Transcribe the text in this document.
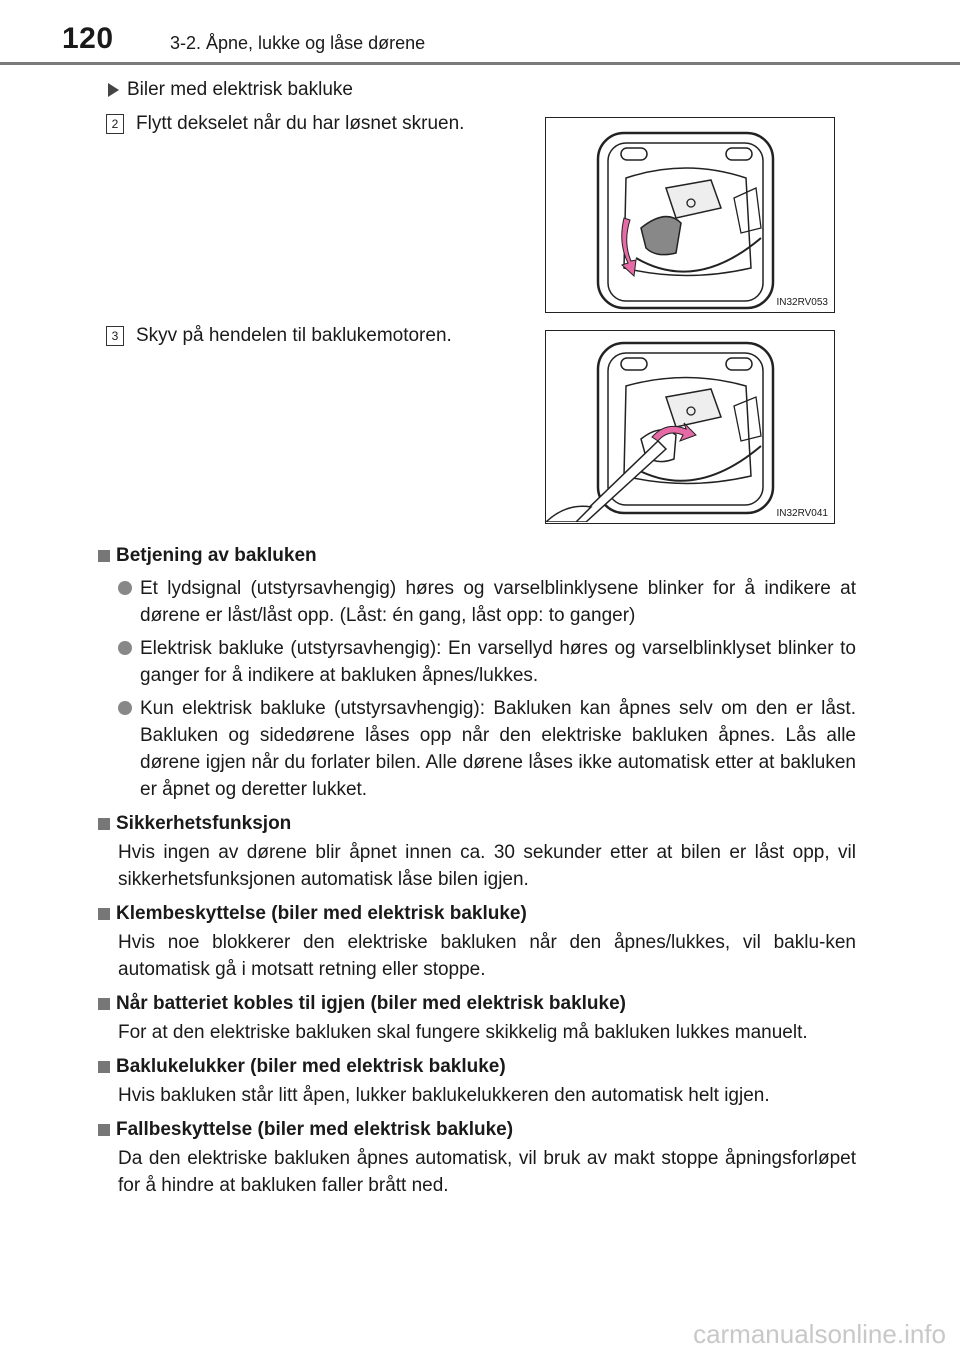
120	3-2. Åpne, lukke og låse dørene
Biler med elektrisk bakluke
2 Flytt dekselet når du har løsnet skruen.
IN32RV053
3 Skyv på hendelen til baklukemotoren.
IN32RV041
Betjening av bakluken
Et lydsignal (utstyrsavhengig) høres og varselblinklysene blinker for å indikere at dørene er låst/låst opp. (Låst: én gang, låst opp: to ganger)
Elektrisk bakluke (utstyrsavhengig): En varsellyd høres og varselblinklyset blinker to ganger for å indikere at bakluken åpnes/lukkes.
Kun elektrisk bakluke (utstyrsavhengig): Bakluken kan åpnes selv om den er låst. Bakluken og sidedørene låses opp når den elektriske bakluken åpnes. Lås alle dørene igjen når du forlater bilen. Alle dørene låses ikke automatisk etter at bakluken er åpnet og deretter lukket.
Sikkerhetsfunksjon
Hvis ingen av dørene blir åpnet innen ca. 30 sekunder etter at bilen er låst opp, vil sikkerhetsfunksjonen automatisk låse bilen igjen.
Klembeskyttelse (biler med elektrisk bakluke)
Hvis noe blokkerer den elektriske bakluken når den åpnes/lukkes, vil baklu-ken automatisk gå i motsatt retning eller stoppe.
Når batteriet kobles til igjen (biler med elektrisk bakluke)
For at den elektriske bakluken skal fungere skikkelig må bakluken lukkes manuelt.
Baklukelukker (biler med elektrisk bakluke)
Hvis bakluken står litt åpen, lukker baklukelukkeren den automatisk helt igjen.
Fallbeskyttelse (biler med elektrisk bakluke)
Da den elektriske bakluken åpnes automatisk, vil bruk av makt stoppe åpningsforløpet for å hindre at bakluken faller brått ned.
carmanualsonline.info
